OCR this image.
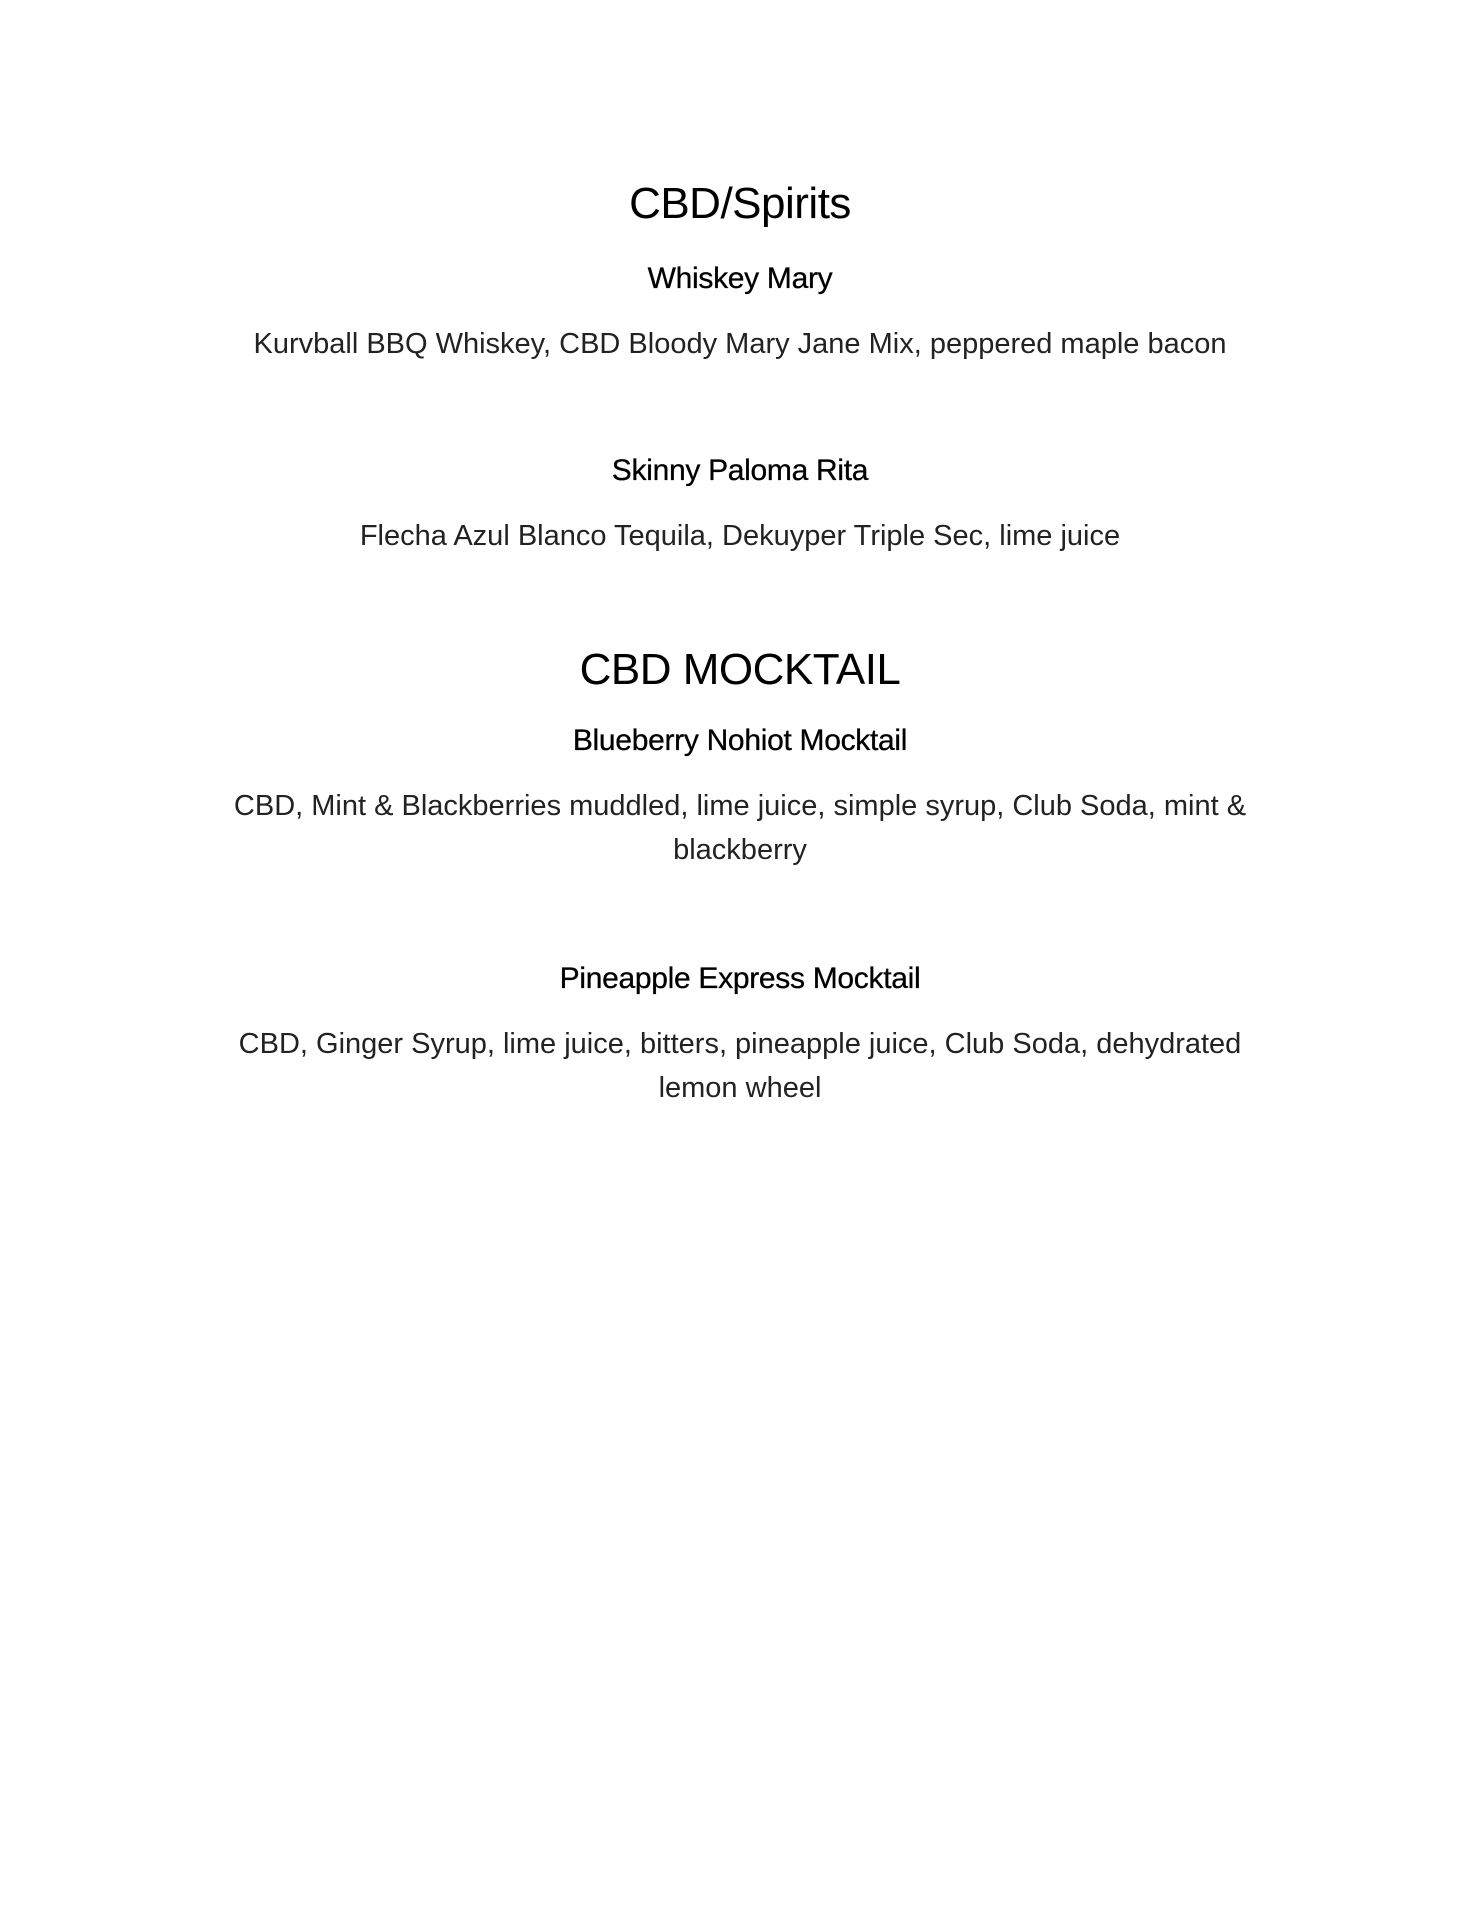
CBD/Spirits
Whiskey Mary

Kurvball BBQ Whiskey, CBD Bloody Mary Jane Mix, peppered maple bacon

Skinny Paloma Rita

Flecha Azul Blanco Tequila, Dekuyper Triple Sec, lime juice

CBD MOCKTAIL
Blueberry Nohiot Mocktail

CBD, Mint & Blackberries muddled, lime juice, simple syrup, Club Soda, mint &
blackberry

Pineapple Express Mocktail

CBD, Ginger Syrup, lime juice, bitters, pineapple juice, Club Soda, dehydrated
lemon wheel
